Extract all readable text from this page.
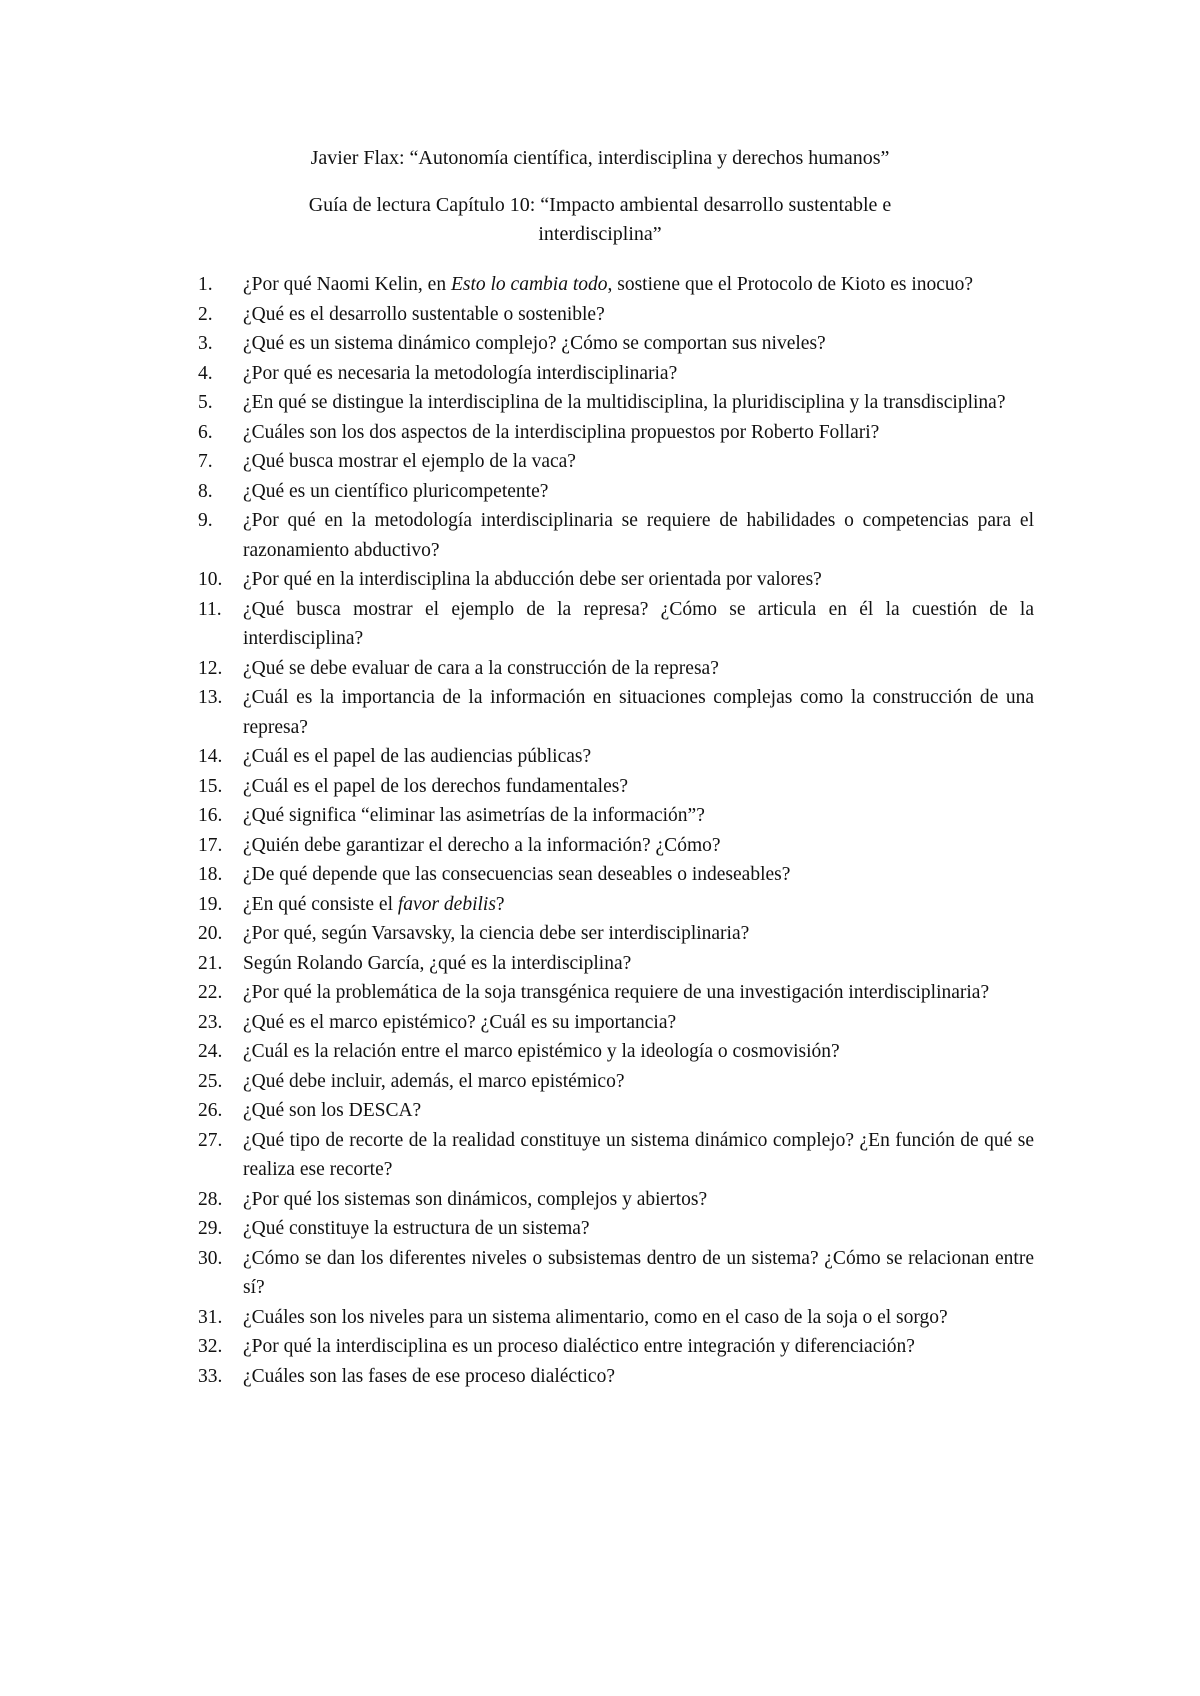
Javier Flax: “Autonomía científica, interdisciplina y derechos humanos”
Guía de lectura Capítulo 10: “Impacto ambiental desarrollo sustentable e
interdisciplina”
1.	¿Por qué Naomi Kelin, en Esto lo cambia todo, sostiene que el Protocolo de Kioto es inocuo?
2.	¿Qué es el desarrollo sustentable o sostenible?
3.	¿Qué es un sistema dinámico complejo? ¿Cómo se comportan sus niveles?
4.	¿Por qué es necesaria la metodología interdisciplinaria?
5.	¿En qué se distingue la interdisciplina de la multidisciplina, la pluridisciplina y la transdisciplina?
6.	¿Cuáles son los dos aspectos de la interdisciplina propuestos por Roberto Follari?
7.	¿Qué busca mostrar el ejemplo de la vaca?
8.	¿Qué es un científico pluricompetente?
9.	¿Por qué en la metodología interdisciplinaria se requiere de habilidades o competencias para el razonamiento abductivo?
10.	¿Por qué en la interdisciplina la abducción debe ser orientada por valores?
11.	¿Qué busca mostrar el ejemplo de la represa? ¿Cómo se articula en él la cuestión de la interdisciplina?
12.	¿Qué se debe evaluar de cara a la construcción de la represa?
13.	¿Cuál es la importancia de la información en situaciones complejas como la construcción de una represa?
14.	¿Cuál es el papel de las audiencias públicas?
15.	¿Cuál es el papel de los derechos fundamentales?
16.	¿Qué significa “eliminar las asimetrías de la información”?
17.	¿Quién debe garantizar el derecho a la información? ¿Cómo?
18.	¿De qué depende que las consecuencias sean deseables o indeseables?
19.	¿En qué consiste el favor debilis?
20.	¿Por qué, según Varsavsky, la ciencia debe ser interdisciplinaria?
21.	Según Rolando García, ¿qué es la interdisciplina?
22.	¿Por qué la problemática de la soja transgénica requiere de una investigación interdisciplinaria?
23.	¿Qué es el marco epistémico? ¿Cuál es su importancia?
24.	¿Cuál es la relación entre el marco epistémico y la ideología o cosmovisión?
25.	¿Qué debe incluir, además, el marco epistémico?
26.	¿Qué son los DESCA?
27.	¿Qué tipo de recorte de la realidad constituye un sistema dinámico complejo? ¿En función de qué se realiza ese recorte?
28.	¿Por qué los sistemas son dinámicos, complejos y abiertos?
29.	¿Qué constituye la estructura de un sistema?
30.	¿Cómo se dan los diferentes niveles o subsistemas dentro de un sistema? ¿Cómo se relacionan entre sí?
31.	¿Cuáles son los niveles para un sistema alimentario, como en el caso de la soja o el sorgo?
32.	¿Por qué la interdisciplina es un proceso dialéctico entre integración y diferenciación?
33.	¿Cuáles son las fases de ese proceso dialéctico?
